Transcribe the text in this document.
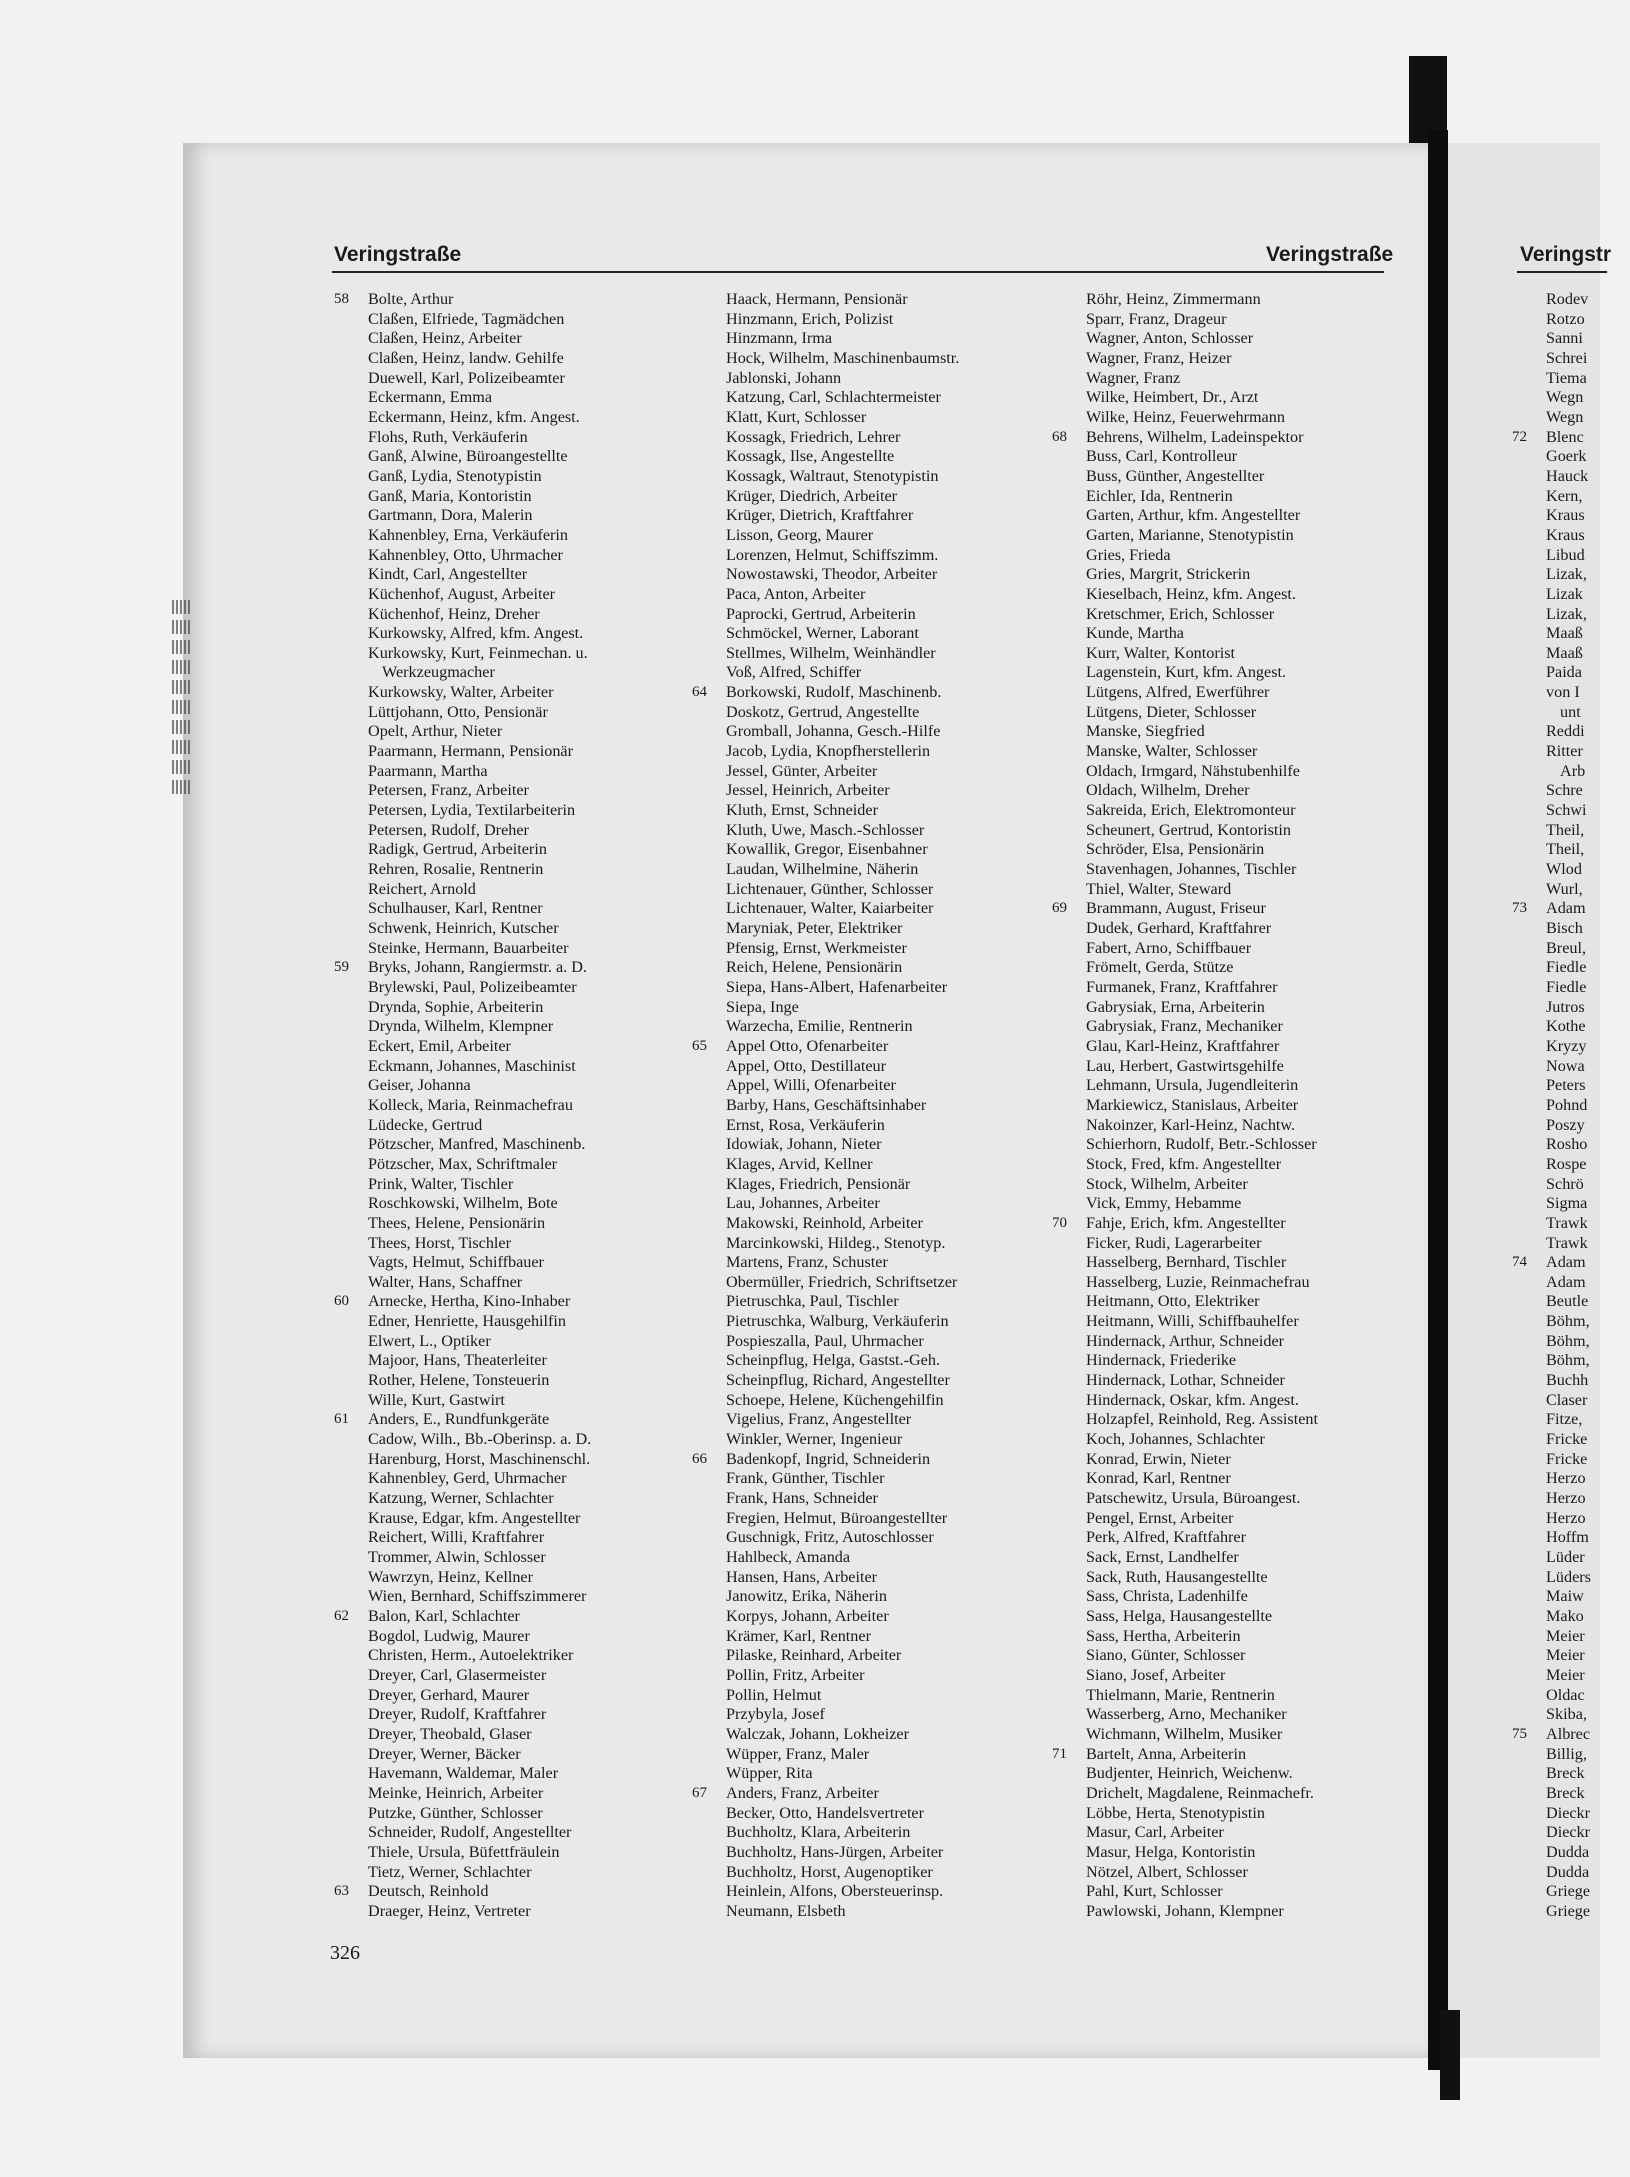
Veringstraße	Veringstraße	Veringstr
58	Bolte, Arthur
Claßen, Elfriede, Tagmädchen
Claßen, Heinz, Arbeiter
Claßen, Heinz, landw. Gehilfe
Duewell, Karl, Polizeibeamter
Eckermann, Emma
Eckermann, Heinz, kfm. Angest.
Flohs, Ruth, Verkäuferin
Ganß, Alwine, Büroangestellte
Ganß, Lydia, Stenotypistin
Ganß, Maria, Kontoristin
Gartmann, Dora, Malerin
Kahnenbley, Erna, Verkäuferin
Kahnenbley, Otto, Uhrmacher
Kindt, Carl, Angestellter
Küchenhof, August, Arbeiter
Küchenhof, Heinz, Dreher
Kurkowsky, Alfred, kfm. Angest.
Kurkowsky, Kurt, Feinmechan. u.
Werkzeugmacher
Kurkowsky, Walter, Arbeiter
Lüttjohann, Otto, Pensionär
Opelt, Arthur, Nieter
Paarmann, Hermann, Pensionär
Paarmann, Martha
Petersen, Franz, Arbeiter
Petersen, Lydia, Textilarbeiterin
Petersen, Rudolf, Dreher
Radigk, Gertrud, Arbeiterin
Rehren, Rosalie, Rentnerin
Reichert, Arnold
Schulhauser, Karl, Rentner
Schwenk, Heinrich, Kutscher
Steinke, Hermann, Bauarbeiter
59	Bryks, Johann, Rangiermstr. a. D.
Brylewski, Paul, Polizeibeamter
Drynda, Sophie, Arbeiterin
Drynda, Wilhelm, Klempner
Eckert, Emil, Arbeiter
Eckmann, Johannes, Maschinist
Geiser, Johanna
Kolleck, Maria, Reinmachefrau
Lüdecke, Gertrud
Pötzscher, Manfred, Maschinenb.
Pötzscher, Max, Schriftmaler
Prink, Walter, Tischler
Roschkowski, Wilhelm, Bote
Thees, Helene, Pensionärin
Thees, Horst, Tischler
Vagts, Helmut, Schiffbauer
Walter, Hans, Schaffner
60	Arnecke, Hertha, Kino-Inhaber
Edner, Henriette, Hausgehilfin
Elwert, L., Optiker
Majoor, Hans, Theaterleiter
Rother, Helene, Tonsteuerin
Wille, Kurt, Gastwirt
61	Anders, E., Rundfunkgeräte
Cadow, Wilh., Bb.-Oberinsp. a. D.
Harenburg, Horst, Maschinenschl.
Kahnenbley, Gerd, Uhrmacher
Katzung, Werner, Schlachter
Krause, Edgar, kfm. Angestellter
Reichert, Willi, Kraftfahrer
Trommer, Alwin, Schlosser
Wawrzyn, Heinz, Kellner
Wien, Bernhard, Schiffszimmerer
62	Balon, Karl, Schlachter
Bogdol, Ludwig, Maurer
Christen, Herm., Autoelektriker
Dreyer, Carl, Glasermeister
Dreyer, Gerhard, Maurer
Dreyer, Rudolf, Kraftfahrer
Dreyer, Theobald, Glaser
Dreyer, Werner, Bäcker
Havemann, Waldemar, Maler
Meinke, Heinrich, Arbeiter
Putzke, Günther, Schlosser
Schneider, Rudolf, Angestellter
Thiele, Ursula, Büfettfräulein
Tietz, Werner, Schlachter
63	Deutsch, Reinhold
Draeger, Heinz, Vertreter
Haack, Hermann, Pensionär
Hinzmann, Erich, Polizist
Hinzmann, Irma
Hock, Wilhelm, Maschinenbaumstr.
Jablonski, Johann
Katzung, Carl, Schlachtermeister
Klatt, Kurt, Schlosser
Kossagk, Friedrich, Lehrer
Kossagk, Ilse, Angestellte
Kossagk, Waltraut, Stenotypistin
Krüger, Diedrich, Arbeiter
Krüger, Dietrich, Kraftfahrer
Lisson, Georg, Maurer
Lorenzen, Helmut, Schiffszimm.
Nowostawski, Theodor, Arbeiter
Paca, Anton, Arbeiter
Paprocki, Gertrud, Arbeiterin
Schmöckel, Werner, Laborant
Stellmes, Wilhelm, Weinhändler
Voß, Alfred, Schiffer
64	Borkowski, Rudolf, Maschinenb.
Doskotz, Gertrud, Angestellte
Gromball, Johanna, Gesch.-Hilfe
Jacob, Lydia, Knopfherstellerin
Jessel, Günter, Arbeiter
Jessel, Heinrich, Arbeiter
Kluth, Ernst, Schneider
Kluth, Uwe, Masch.-Schlosser
Kowallik, Gregor, Eisenbahner
Laudan, Wilhelmine, Näherin
Lichtenauer, Günther, Schlosser
Lichtenauer, Walter, Kaiarbeiter
Maryniak, Peter, Elektriker
Pfensig, Ernst, Werkmeister
Reich, Helene, Pensionärin
Siepa, Hans-Albert, Hafenarbeiter
Siepa, Inge
Warzecha, Emilie, Rentnerin
65	Appel Otto, Ofenarbeiter
Appel, Otto, Destillateur
Appel, Willi, Ofenarbeiter
Barby, Hans, Geschäftsinhaber
Ernst, Rosa, Verkäuferin
Idowiak, Johann, Nieter
Klages, Arvid, Kellner
Klages, Friedrich, Pensionär
Lau, Johannes, Arbeiter
Makowski, Reinhold, Arbeiter
Marcinkowski, Hildeg., Stenotyp.
Martens, Franz, Schuster
Obermüller, Friedrich, Schriftsetzer
Pietruschka, Paul, Tischler
Pietruschka, Walburg, Verkäuferin
Pospieszalla, Paul, Uhrmacher
Scheinpflug, Helga, Gastst.-Geh.
Scheinpflug, Richard, Angestellter
Schoepe, Helene, Küchengehilfin
Vigelius, Franz, Angestellter
Winkler, Werner, Ingenieur
66	Badenkopf, Ingrid, Schneiderin
Frank, Günther, Tischler
Frank, Hans, Schneider
Fregien, Helmut, Büroangestellter
Guschnigk, Fritz, Autoschlosser
Hahlbeck, Amanda
Hansen, Hans, Arbeiter
Janowitz, Erika, Näherin
Korpys, Johann, Arbeiter
Krämer, Karl, Rentner
Pilaske, Reinhard, Arbeiter
Pollin, Fritz, Arbeiter
Pollin, Helmut
Przybyla, Josef
Walczak, Johann, Lokheizer
Wüpper, Franz, Maler
Wüpper, Rita
67	Anders, Franz, Arbeiter
Becker, Otto, Handelsvertreter
Buchholtz, Klara, Arbeiterin
Buchholtz, Hans-Jürgen, Arbeiter
Buchholtz, Horst, Augenoptiker
Heinlein, Alfons, Obersteuerinsp.
Neumann, Elsbeth
Röhr, Heinz, Zimmermann
Sparr, Franz, Drageur
Wagner, Anton, Schlosser
Wagner, Franz, Heizer
Wagner, Franz
Wilke, Heimbert, Dr., Arzt
Wilke, Heinz, Feuerwehrmann
68	Behrens, Wilhelm, Ladeinspektor
Buss, Carl, Kontrolleur
Buss, Günther, Angestellter
Eichler, Ida, Rentnerin
Garten, Arthur, kfm. Angestellter
Garten, Marianne, Stenotypistin
Gries, Frieda
Gries, Margrit, Strickerin
Kieselbach, Heinz, kfm. Angest.
Kretschmer, Erich, Schlosser
Kunde, Martha
Kurr, Walter, Kontorist
Lagenstein, Kurt, kfm. Angest.
Lütgens, Alfred, Ewerführer
Lütgens, Dieter, Schlosser
Manske, Siegfried
Manske, Walter, Schlosser
Oldach, Irmgard, Nähstubenhilfe
Oldach, Wilhelm, Dreher
Sakreida, Erich, Elektromonteur
Scheunert, Gertrud, Kontoristin
Schröder, Elsa, Pensionärin
Stavenhagen, Johannes, Tischler
Thiel, Walter, Steward
69	Brammann, August, Friseur
Dudek, Gerhard, Kraftfahrer
Fabert, Arno, Schiffbauer
Frömelt, Gerda, Stütze
Furmanek, Franz, Kraftfahrer
Gabrysiak, Erna, Arbeiterin
Gabrysiak, Franz, Mechaniker
Glau, Karl-Heinz, Kraftfahrer
Lau, Herbert, Gastwirtsgehilfe
Lehmann, Ursula, Jugendleiterin
Markiewicz, Stanislaus, Arbeiter
Nakoinzer, Karl-Heinz, Nachtw.
Schierhorn, Rudolf, Betr.-Schlosser
Stock, Fred, kfm. Angestellter
Stock, Wilhelm, Arbeiter
Vick, Emmy, Hebamme
70	Fahje, Erich, kfm. Angestellter
Ficker, Rudi, Lagerarbeiter
Hasselberg, Bernhard, Tischler
Hasselberg, Luzie, Reinmachefrau
Heitmann, Otto, Elektriker
Heitmann, Willi, Schiffbauhelfer
Hindernack, Arthur, Schneider
Hindernack, Friederike
Hindernack, Lothar, Schneider
Hindernack, Oskar, kfm. Angest.
Holzapfel, Reinhold, Reg. Assistent
Koch, Johannes, Schlachter
Konrad, Erwin, Nieter
Konrad, Karl, Rentner
Patschewitz, Ursula, Büroangest.
Pengel, Ernst, Arbeiter
Perk, Alfred, Kraftfahrer
Sack, Ernst, Landhelfer
Sack, Ruth, Hausangestellte
Sass, Christa, Ladenhilfe
Sass, Helga, Hausangestellte
Sass, Hertha, Arbeiterin
Siano, Günter, Schlosser
Siano, Josef, Arbeiter
Thielmann, Marie, Rentnerin
Wasserberg, Arno, Mechaniker
Wichmann, Wilhelm, Musiker
71	Bartelt, Anna, Arbeiterin
Budjenter, Heinrich, Weichenw.
Drichelt, Magdalene, Reinmachefr.
Löbbe, Herta, Stenotypistin
Masur, Carl, Arbeiter
Masur, Helga, Kontoristin
Nötzel, Albert, Schlosser
Pahl, Kurt, Schlosser
Pawlowski, Johann, Klempner
Rodev
Rotzo
Sanni
Schrei
Tiema
Wegn
Wegn
72	Blenc
Goerk
Hauck
Kern,
Kraus
Kraus
Libud
Lizak,
Lizak
Lizak,
Maaß
Maaß
Paida
von I
unt
Reddi
Ritter
Arb
Schre
Schwi
Theil,
Theil,
Wlod
Wurl,
73	Adam
Bisch
Breul,
Fiedle
Fiedle
Jutros
Kothe
Kryzy
Nowa
Peters
Pohnd
Poszy
Rosho
Rospe
Schrö
Sigma
Trawk
Trawk
74	Adam
Adam
Beutle
Böhm,
Böhm,
Böhm,
Buchh
Claser
Fitze,
Fricke
Fricke
Herzo
Herzo
Herzo
Hoffm
Lüder
Lüders
Maiw
Mako
Meier
Meier
Meier
Oldac
Skiba,
75	Albrec
Billig,
Breck
Breck
Dieckr
Dieckr
Dudda
Dudda
Griege
Griege
326
